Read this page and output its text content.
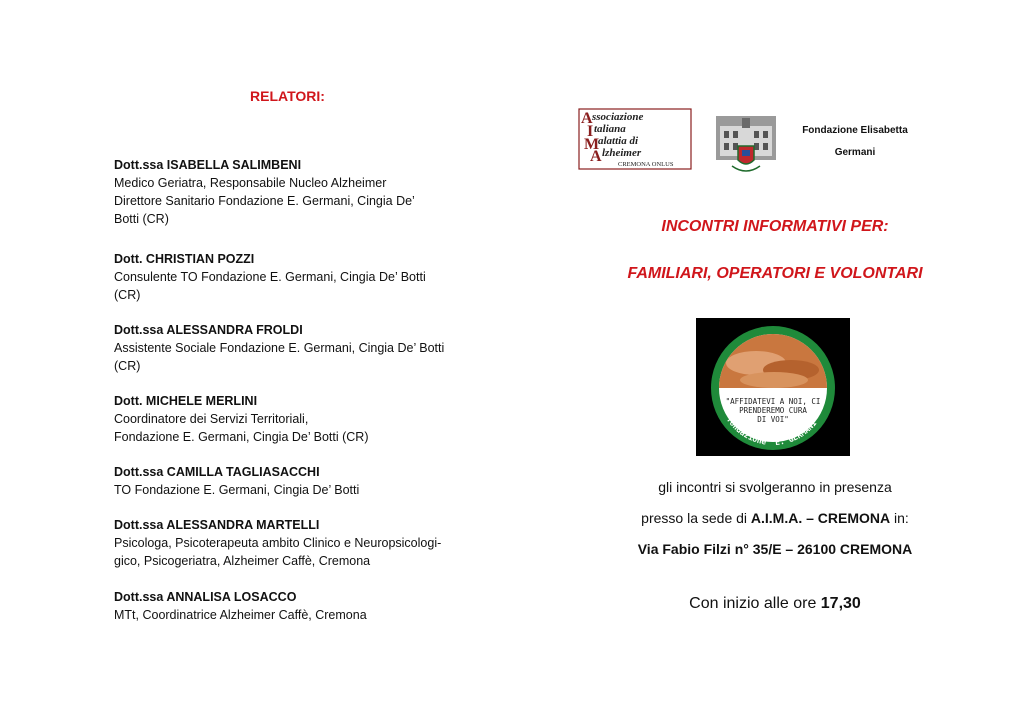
RELATORI:
Dott.ssa ISABELLA SALIMBENI
Medico Geriatra, Responsabile Nucleo Alzheimer
Direttore Sanitario Fondazione E. Germani, Cingia De’
Botti (CR)
Dott. CHRISTIAN POZZI
Consulente TO Fondazione E. Germani, Cingia De’ Botti
(CR)
Dott.ssa ALESSANDRA FROLDI
Assistente Sociale Fondazione E. Germani, Cingia De’ Botti
(CR)
Dott. MICHELE MERLINI
Coordinatore dei Servizi Territoriali,
Fondazione E. Germani, Cingia De’ Botti (CR)
Dott.ssa CAMILLA TAGLIASACCHI
TO Fondazione E. Germani, Cingia De’ Botti
Dott.ssa ALESSANDRA MARTELLI
Psicologa, Psicoterapeuta ambito Clinico e Neuropsicologi-
gico, Psicogeriatra, Alzheimer Caffè, Cremona
Dott.ssa ANNALISA LOSACCO
MTt, Coordinatrice Alzheimer Caffè, Cremona
A ssociazione
I taliana
M
alattia di
A lzheimer
CREMONA ONLUS
Fondazione Elisabetta
Germani
INCONTRI INFORMATIVI PER:
FAMILIARI, OPERATORI E VOLONTARI
"AFFIDATEVI A NOI, CI
PRENDEREMO CURA
DI VOI"
fondazione "E. GERMANI"
gli incontri si svolgeranno in presenza
presso la sede di A.I.M.A. – CREMONA in:
Via Fabio Filzi n° 35/E – 26100 CREMONA
Con inizio alle ore 17,30
